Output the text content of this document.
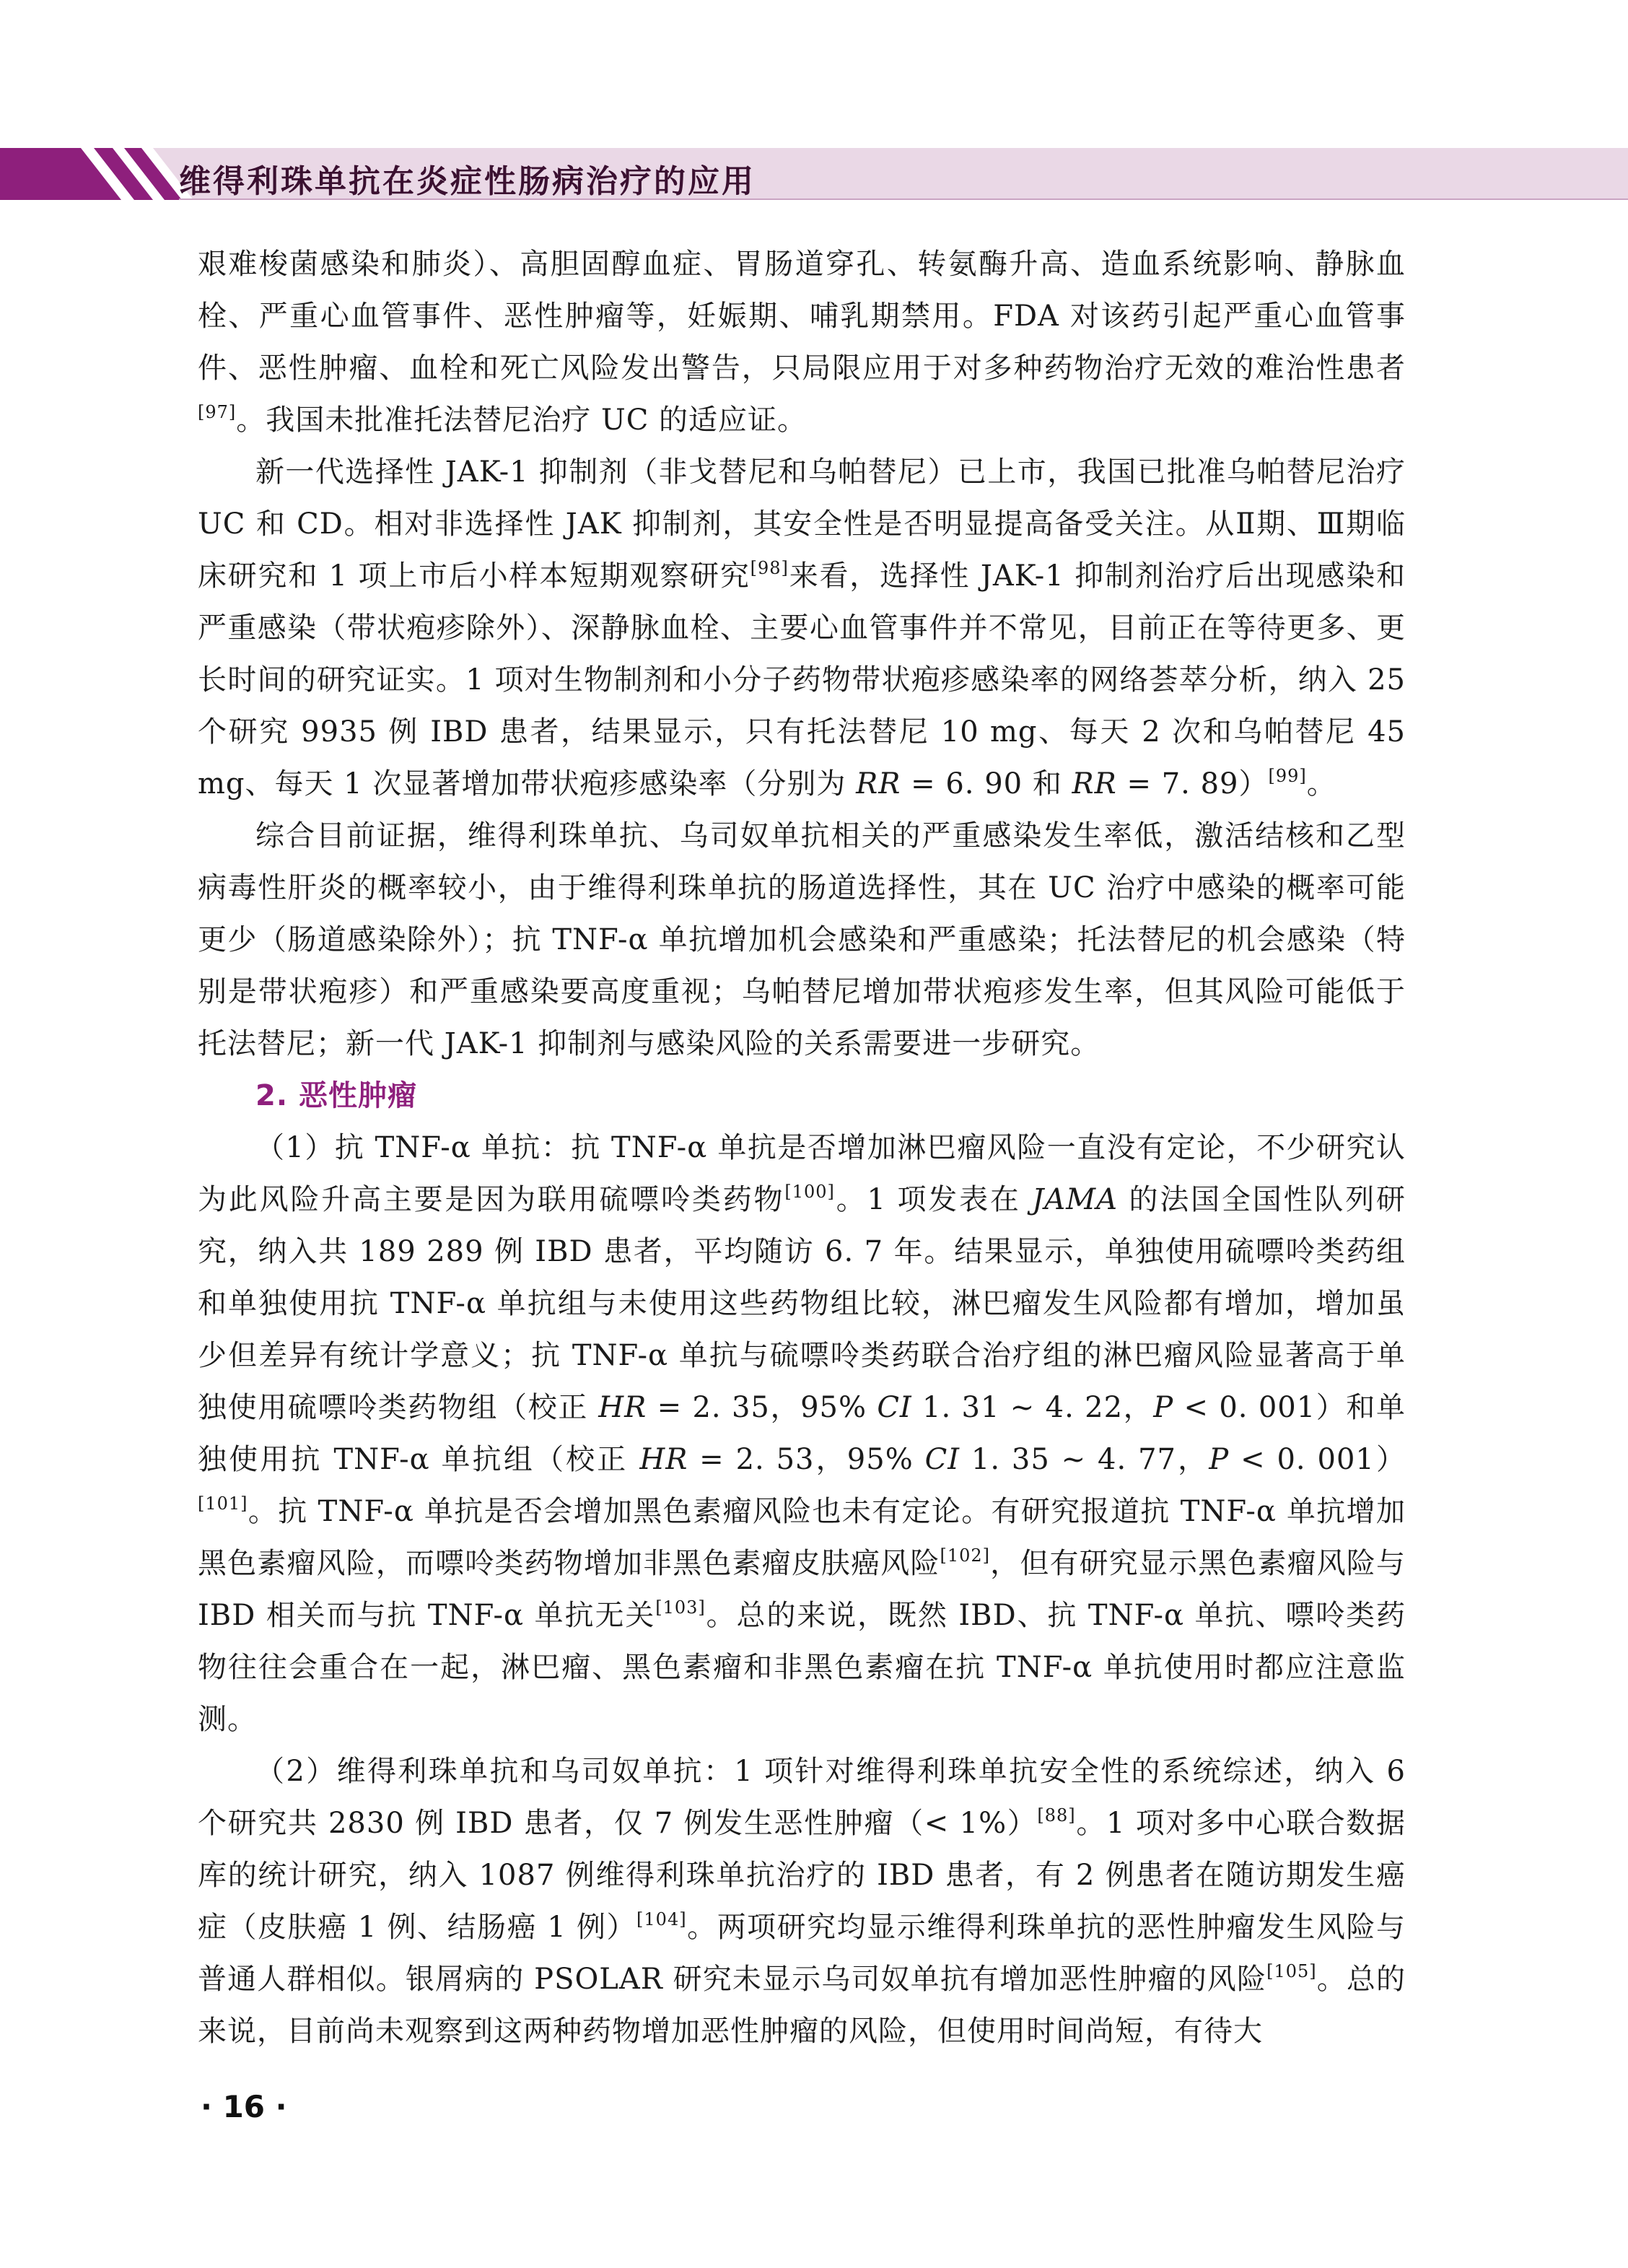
维得利珠单抗在炎症性肠病治疗的应用

艰难梭菌感染和肺炎）、高胆固醇血症、胃肠道穿孔、转氨酶升高、造血系统影响、静脉血栓、严重心血管事件、恶性肿瘤等，妊娠期、哺乳期禁用。FDA 对该药引起严重心血管事件、恶性肿瘤、血栓和死亡风险发出警告，只局限应用于对多种药物治疗无效的难治性患者[97]。我国未批准托法替尼治疗 UC 的适应证。

新一代选择性 JAK-1 抑制剂（非戈替尼和乌帕替尼）已上市，我国已批准乌帕替尼治疗 UC 和 CD。相对非选择性 JAK 抑制剂，其安全性是否明显提高备受关注。从Ⅱ期、Ⅲ期临床研究和 1 项上市后小样本短期观察研究[98]来看，选择性 JAK-1 抑制剂治疗后出现感染和严重感染（带状疱疹除外）、深静脉血栓、主要心血管事件并不常见，目前正在等待更多、更长时间的研究证实。1 项对生物制剂和小分子药物带状疱疹感染率的网络荟萃分析，纳入 25 个研究 9935 例 IBD 患者，结果显示，只有托法替尼 10 mg、每天 2 次和乌帕替尼 45 mg、每天 1 次显著增加带状疱疹感染率（分别为 RR = 6. 90 和 RR = 7. 89）[99]。

综合目前证据，维得利珠单抗、乌司奴单抗相关的严重感染发生率低，激活结核和乙型病毒性肝炎的概率较小，由于维得利珠单抗的肠道选择性，其在 UC 治疗中感染的概率可能更少（肠道感染除外）；抗 TNF-α 单抗增加机会感染和严重感染；托法替尼的机会感染（特别是带状疱疹）和严重感染要高度重视；乌帕替尼增加带状疱疹发生率，但其风险可能低于托法替尼；新一代 JAK-1 抑制剂与感染风险的关系需要进一步研究。

2. 恶性肿瘤

（1）抗 TNF-α 单抗：抗 TNF-α 单抗是否增加淋巴瘤风险一直没有定论，不少研究认为此风险升高主要是因为联用硫嘌呤类药物[100]。1 项发表在 JAMA 的法国全国性队列研究，纳入共 189 289 例 IBD 患者，平均随访 6. 7 年。结果显示，单独使用硫嘌呤类药组和单独使用抗 TNF-α 单抗组与未使用这些药物组比较，淋巴瘤发生风险都有增加，增加虽少但差异有统计学意义；抗 TNF-α 单抗与硫嘌呤类药联合治疗组的淋巴瘤风险显著高于单独使用硫嘌呤类药物组（校正 HR = 2. 35，95% CI 1. 31 ~ 4. 22，P < 0. 001）和单独使用抗 TNF-α 单抗组（校正 HR = 2. 53，95% CI 1. 35 ~ 4. 77，P < 0. 001）[101]。抗 TNF-α 单抗是否会增加黑色素瘤风险也未有定论。有研究报道抗 TNF-α 单抗增加黑色素瘤风险，而嘌呤类药物增加非黑色素瘤皮肤癌风险[102]，但有研究显示黑色素瘤风险与 IBD 相关而与抗 TNF-α 单抗无关[103]。总的来说，既然 IBD、抗 TNF-α 单抗、嘌呤类药物往往会重合在一起，淋巴瘤、黑色素瘤和非黑色素瘤在抗 TNF-α 单抗使用时都应注意监测。

（2）维得利珠单抗和乌司奴单抗：1 项针对维得利珠单抗安全性的系统综述，纳入 6 个研究共 2830 例 IBD 患者，仅 7 例发生恶性肿瘤（< 1%）[88]。1 项对多中心联合数据库的统计研究，纳入 1087 例维得利珠单抗治疗的 IBD 患者，有 2 例患者在随访期发生癌症（皮肤癌 1 例、结肠癌 1 例）[104]。两项研究均显示维得利珠单抗的恶性肿瘤发生风险与普通人群相似。银屑病的 PSOLAR 研究未显示乌司奴单抗有增加恶性肿瘤的风险[105]。总的来说，目前尚未观察到这两种药物增加恶性肿瘤的风险，但使用时间尚短，有待大

· 16 ·
